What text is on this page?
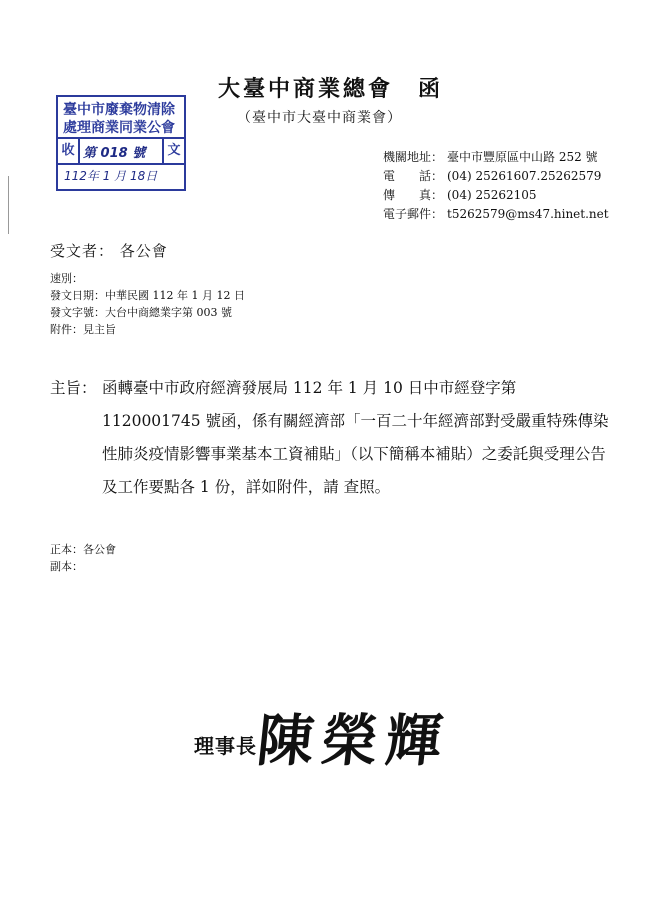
大臺中商業總會　函
（臺中市大臺中商業會）
臺中市廢棄物清除
處理商業同業公會
收 第 018 號	文
112年 1 月 18日
機關地址： 臺中市豐原區中山路 252 號
電　　話： (04) 25261607.25262579
傳　　真： (04) 25262105
電子郵件： t5262579@ms47.hinet.net
受文者： 各公會
速別：
發文日期：中華民國 112 年 1 月 12 日
發文字號：大台中商總業字第 003 號
附件：見主旨
主旨： 函轉臺中市政府經濟發展局 112 年 1 月 10 日中市經登字第 1120001745 號函，係有關經濟部「一百二十年經濟部對受嚴重特殊傳染性肺炎疫情影響事業基本工資補貼」（以下簡稱本補貼）之委託與受理公告及工作要點各 1 份，詳如附件，請 查照。
正本：各公會
副本：
理事長
陳榮輝
